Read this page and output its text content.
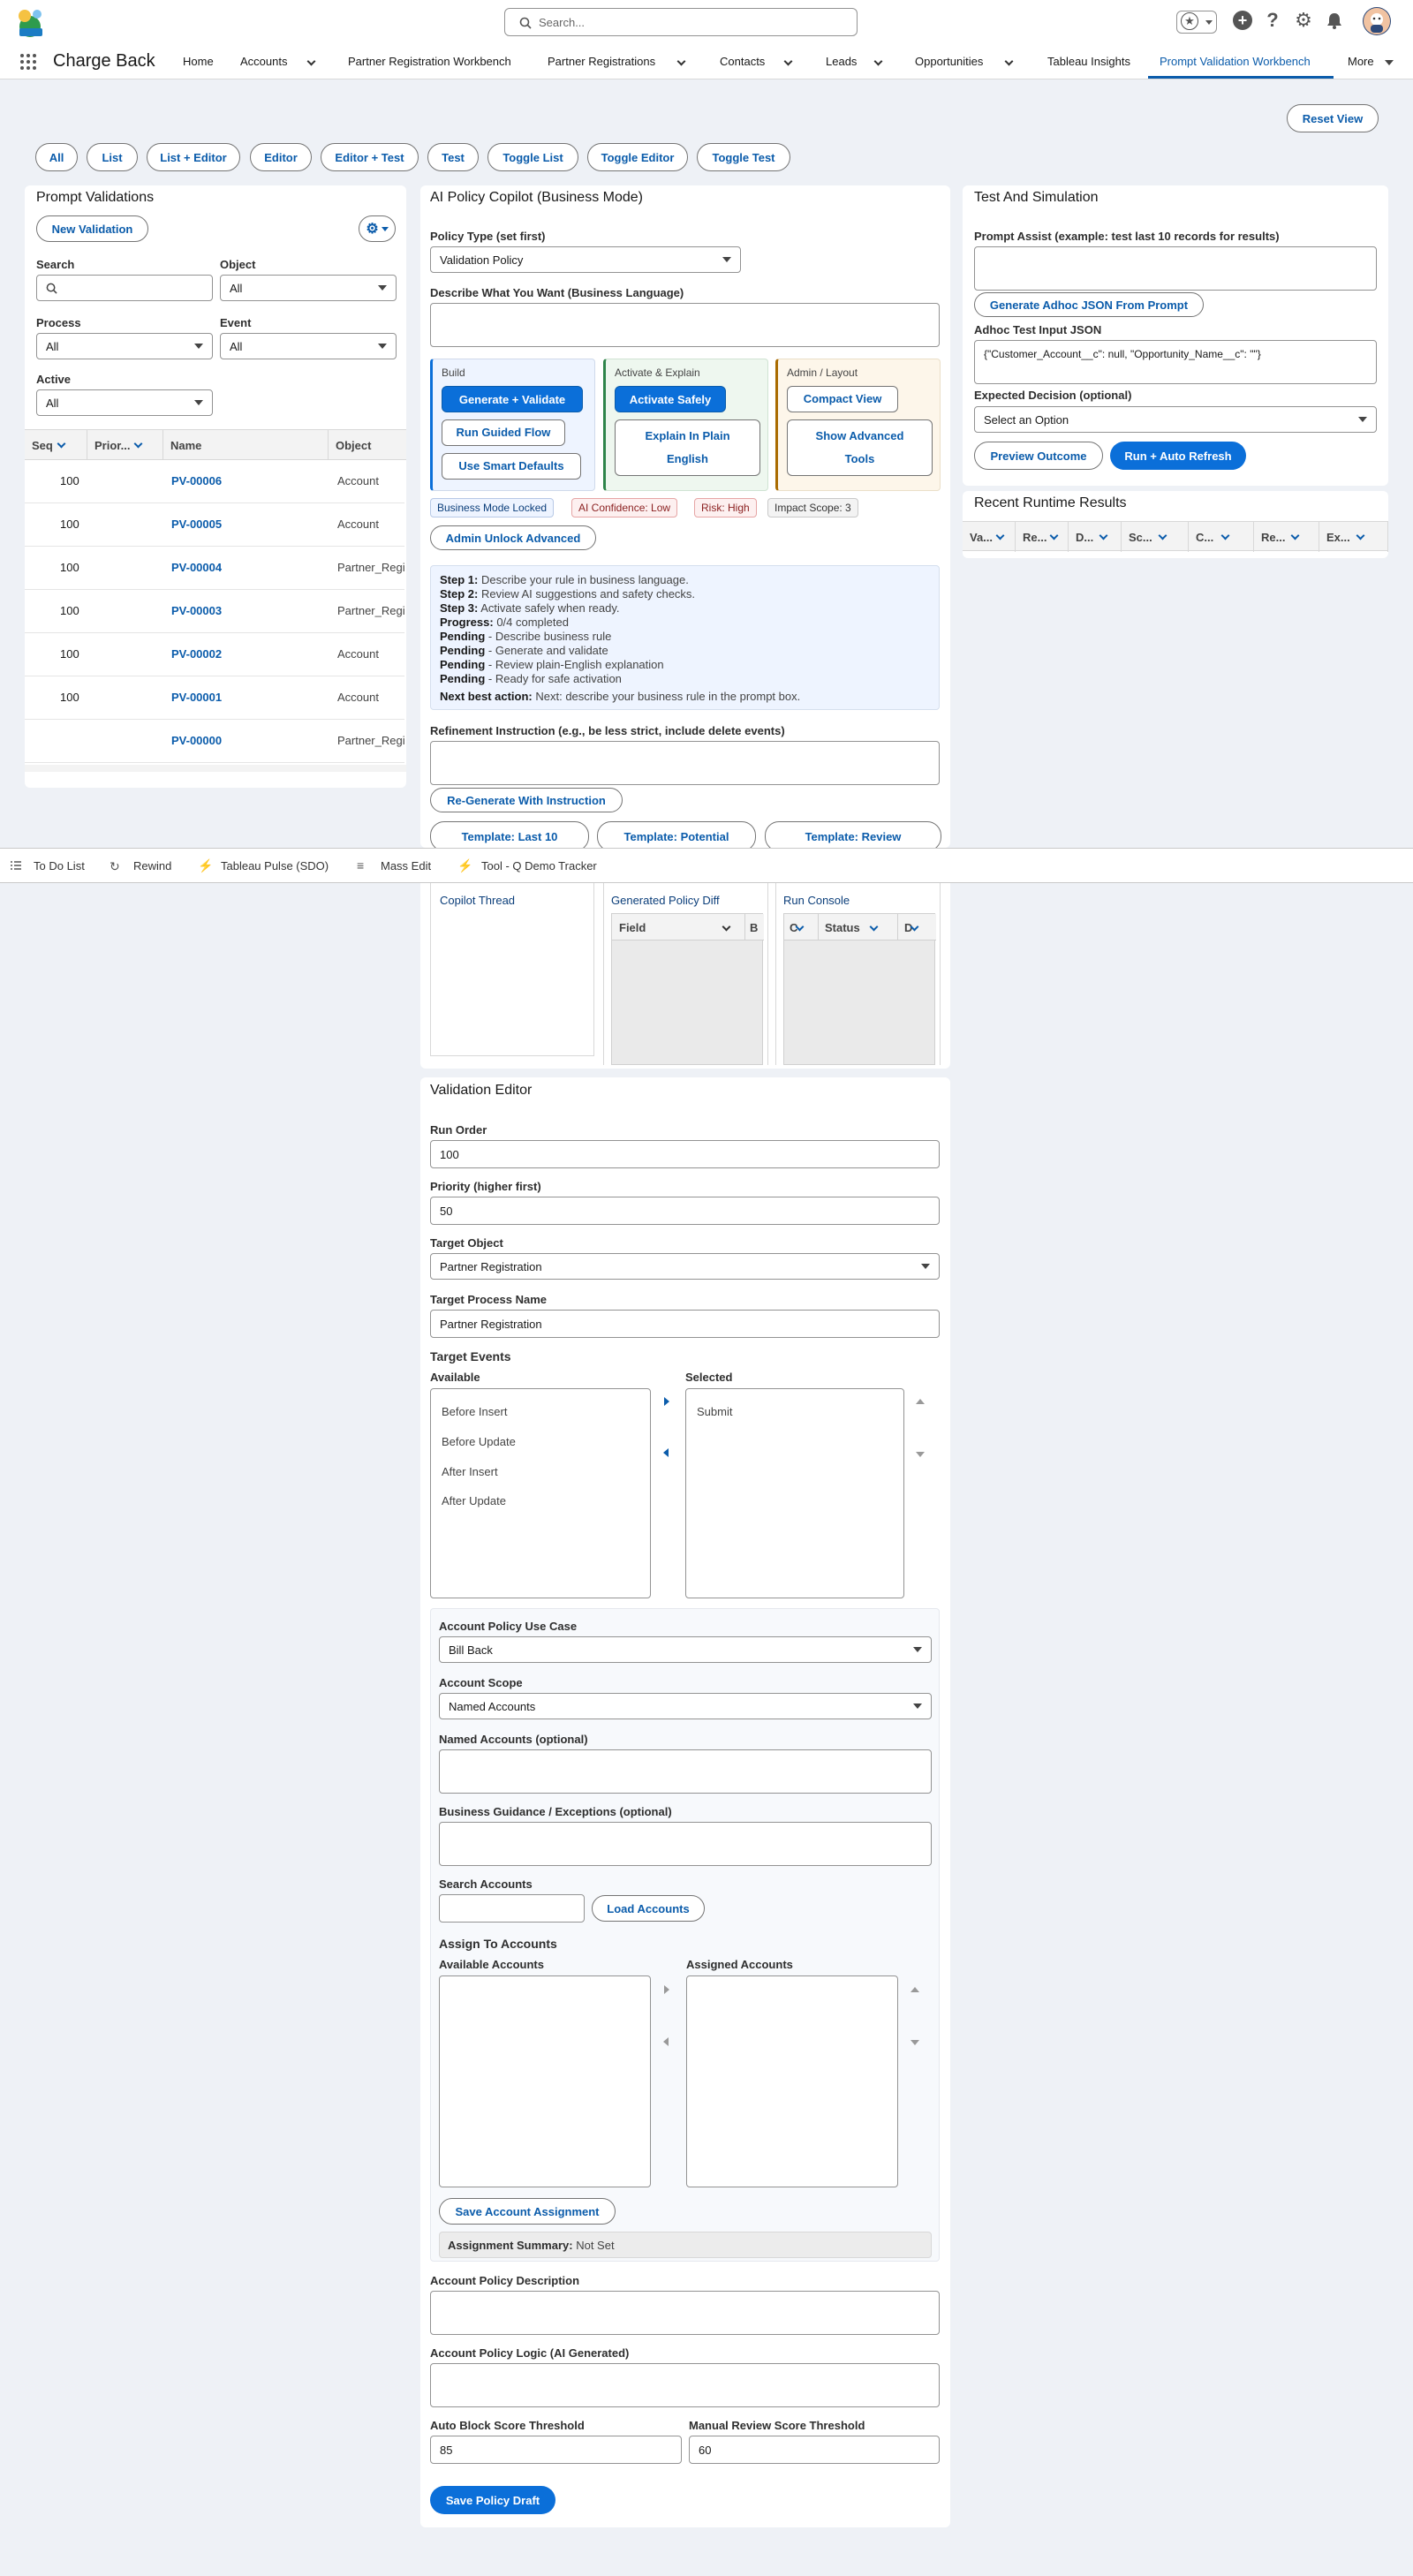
Search...	★	+ ? ⚙
Charge Back Home Accounts	Partner Registration Workbench	Partner Registrations	Contacts	Leads	Opportunities	Tableau Insights	Prompt Validation Workbench	More
Reset View
All	List	List + Editor	Editor	Editor + Test	Test	Toggle List	Toggle Editor	Toggle Test
Prompt Validations
New Validation	⚙
Search	Object
All
Process
All
Event
All
Active
All
Seq	Prior...	Name	Object
100	PV-00006	Account
100	PV-00005	Account
100	PV-00004	Partner_Regi
100	PV-00003	Partner_Regi
100	PV-00002	Account
100	PV-00001	Account
PV-00000	Partner_Regi
AI Policy Copilot (Business Mode)
Policy Type (set first)
Validation Policy
Describe What You Want (Business Language)
Build
Generate + Validate
Run Guided Flow
Use Smart Defaults
Activate & Explain
Activate Safely
Explain In Plain English
Admin / Layout
Compact View
Show Advanced Tools
Business Mode Locked	AI Confidence: Low	Risk: High	Impact Scope: 3
Admin Unlock Advanced
Step 1: Describe your rule in business language.
Step 2: Review AI suggestions and safety checks.
Step 3: Activate safely when ready.
Progress: 0/4 completed
Pending - Describe business rule
Pending - Generate and validate
Pending - Review plain-English explanation
Pending - Ready for safe activation
Next best action: Next: describe your business rule in the prompt box.
Refinement Instruction (e.g., be less strict, include delete events)
Re-Generate With Instruction
Template: Last 10	Template: Potential	Template: Review
To Do List ↻ Rewind ⚡ Tableau Pulse (SDO) ≡ Mass Edit ⚡ Tool - Q Demo Tracker
Copilot Thread	Generated Policy Diff
Field	B
Run Console
C Status	D
Test And Simulation
Prompt Assist (example: test last 10 records for results)
Generate Adhoc JSON From Prompt
Adhoc Test Input JSON
{"Customer_Account__c": null, "Opportunity_Name__c": ""}
Expected Decision (optional)
Select an Option
Preview Outcome	Run + Auto Refresh
Recent Runtime Results
Va...	Re...	D...	Sc...	C...	Re...	Ex...
Validation Editor
Run Order
100
Priority (higher first)
50
Target Object
Partner Registration
Target Process Name
Partner Registration
Target Events
Available	Selected
Before Insert
Before Update
After Insert
After Update
Submit
Account Policy Use Case
Bill Back
Account Scope
Named Accounts
Named Accounts (optional)
Business Guidance / Exceptions (optional)
Search Accounts
Load Accounts
Assign To Accounts
Available Accounts	Assigned Accounts
Save Account Assignment
Assignment Summary: Not Set
Account Policy Description
Account Policy Logic (AI Generated)
Auto Block Score Threshold
85
Manual Review Score Threshold
60
Save Policy Draft
